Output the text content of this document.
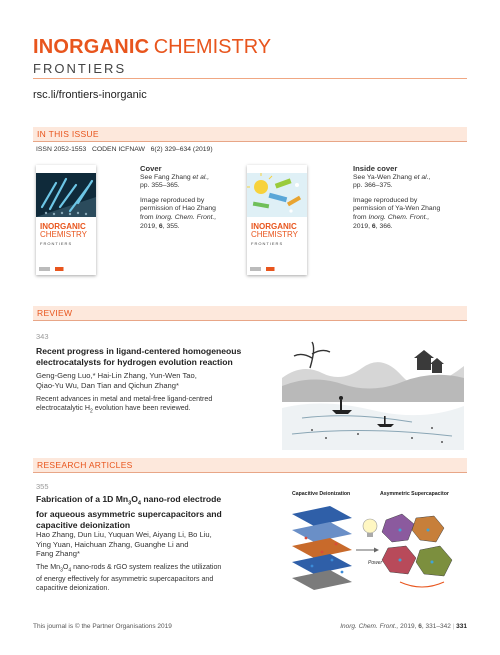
INORGANIC CHEMISTRY
FRONTIERS
rsc.li/frontiers-inorganic
IN THIS ISSUE
ISSN 2052-1553 CODEN ICFNAW 6(2) 329–634 (2019)
INORGANIC
CHEMISTRY
FRONTIERS
Cover
See Fang Zhang et al.,
pp. 355–365.
Image reproduced by
permission of Hao Zhang
from Inorg. Chem. Front.,
2019, 6, 355.	INORGANIC
CHEMISTRY
FRONTIERS
Inside cover
See Ya-Wen Zhang et al.,
pp. 366–375.
Image reproduced by
permission of Ya-Wen Zhang
from Inorg. Chem. Front.,
2019, 6, 366.
REVIEW
343
Recent progress in ligand-centered homogeneous
electrocatalysts for hydrogen evolution reaction
Geng-Geng Luo,* Hai-Lin Zhang, Yun-Wen Tao,
Qiao-Yu Wu, Dan Tian and Qichun Zhang*
Recent advances in metal and metal-free ligand-centred
electrocatalytic $H_2$ evolution have been reviewed.
RESEARCH ARTICLES
355
Fabrication of a 1D $Mn_3O_4$ nano-rod electrode
for aqueous asymmetric supercapacitors and
capacitive deionization
Hao Zhang, Dun Liu, Yuquan Wei, Aiyang Li, Bo Liu,
Ying Yuan, Haichuan Zhang, Guanghe Li and
Fang Zhang*
The $Mn_3O_4$ nano-rods & rGO system realizes the utilization
of energy effectively for asymmetric supercapacitors and
capacitive deionization.
Capacitive Deionization	Asymmetric Supercapacitor
Power
This journal is © the Partner Organisations 2019	Inorg. Chem. Front., 2019, 6, 331–342 | 331
